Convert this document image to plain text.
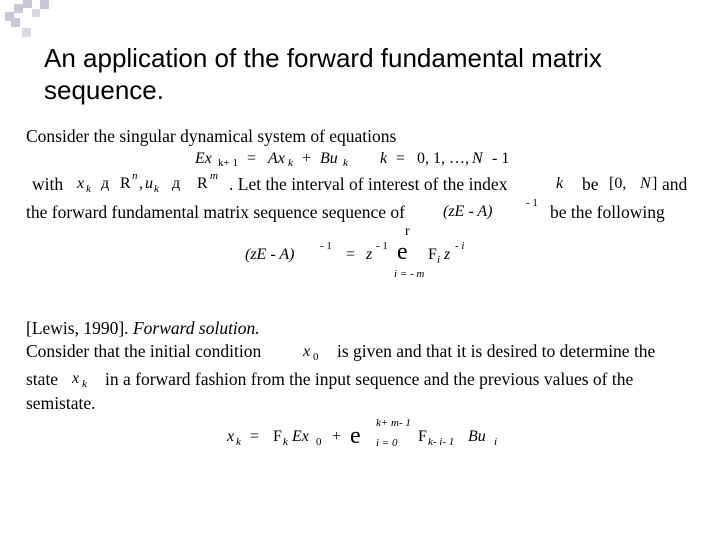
An application of the forward fundamental matrix sequence.
Consider the singular dynamical system of equations
Ex k+ 1 = Ax k + Bu k k = 0, 1, …, N - 1
with x k д R n , u k д R m . Let the interval of interest of the index	k be [0, N ] and
the forward fundamental matrix sequence sequence of (zE - A)	- 1 be the following
(zE - A) - 1 = z - 1
r
e
i = - m
F i z - i
[Lewis, 1990]. Forward solution.
Consider that the initial condition	x 0 is given and that it is desired to determine the
state x k in a forward fashion from the input sequence and the previous values of the
semistate.
x k = F k Ex 0 +
k+ m- 1
e i = 0 F k- i- 1 Bu i
